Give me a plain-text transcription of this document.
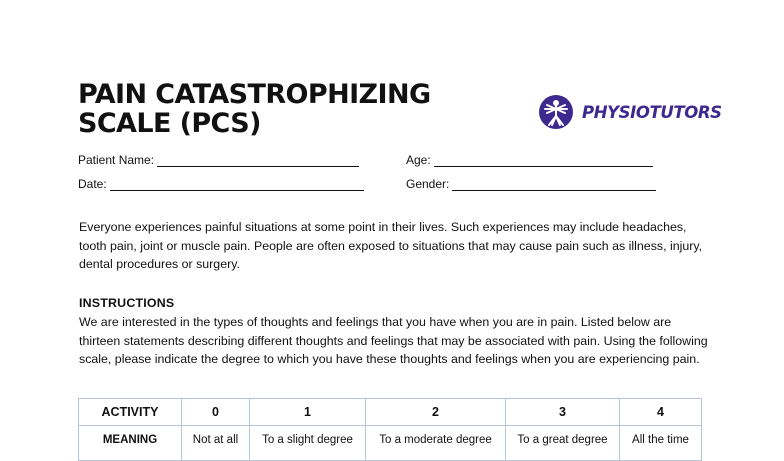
PAIN CATASTROPHIZING
SCALE (PCS)	PHYSIOTUTORS
Patient Name:	Age:
Date:	Gender:

Everyone experiences painful situations at some point in their lives. Such experiences may include headaches, tooth pain, joint or muscle pain. People are often exposed to situations that may cause pain such as illness, injury, dental procedures or surgery.

INSTRUCTIONS

We are interested in the types of thoughts and feelings that you have when you are in pain. Listed below are thirteen statements describing different thoughts and feelings that may be associated with pain. Using the following scale, please indicate the degree to which you have these thoughts and feelings when you are experiencing pain.

ACTIVITY	0	1	2	3	4
MEANING	Not at all	To a slight degree	To a moderate degree	To a great degree	All the time
